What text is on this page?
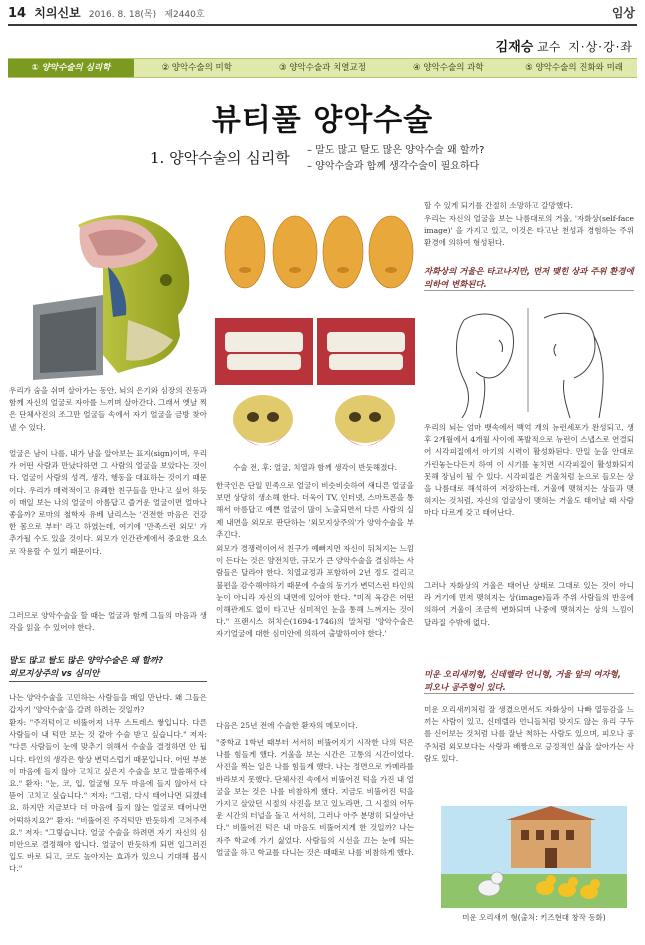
14 치의신보 2016. 8. 18(목) 제2440호	임상
김재승 교수 지·상·강·좌
① 양악수술의 심리학	② 양악수술의 미학	③ 양악수술과 치열교정	④ 양악수술의 과학	⑤ 양악수술의 진화와 미래
뷰티풀 양악수술
1. 양악수술의 심리학 – 말도 많고 탈도 많은 양악수술 왜 할까?
– 양악수술과 함께 생각수술이 필요하다
우리가 숨을 쉬며 살아가는 동안, 뇌의 은기와 심장의 진동과 함께 자신의 얼굴로 자아를 느끼며 살아간다. 그래서 옛날 찍은 단체사진의 조그만 얼굴들 속에서 자기 얼굴을 금방 찾아 낼 수 있다.
얼굴은 남이 나를, 내가 남을 알아보는 표지(sign)이며, 우리가 어떤 사람과 만났다하면 그 사람의 얼굴을 보았다는 것이다. 얼굴이 사람의 성격, 생각, 행동을 대표하는 것이기 때문이다. 우리가 매력적이고 유쾌한 친구들을 만나고 싶어 하듯이 매일 보는 나의 얼굴이 아름답고 즐거운 얼굴이면 얼마나 좋을까? 로마의 철학자 유베 날리스는 '건전한 마음은 건강한 몸으로 부터' 라고 하였는데, 여기에 '만족스런 외모' 가 추가될 수도 있을 것이다. 외모가 인간관계에서 중요한 요소로 작용할 수 있기 때문이다.
그러므로 양악수술을 할 때는 얼굴과 함께 그들의 마음과 생각을 읽을 수 있어야 한다.
말도 많고 탈도 많은 양악수술은 왜 할까?
외모지상주의 vs 심미안
나는 양악수술을 고민하는 사람들을 매일 만난다. 왜 그들은 갑자기 '양악수술'을 갈려 하려는 것일까?
환자: "주걱턱이고 비뚤어져 너무 스트레스 쌓입니다. 다른 사람들이 내 턱만 보는 것 같아 수술 받고 싶습니다." 저자: "다른 사람들이 눈에 맞추기 위해서 수술을 결정하면 안 됩니다. 타인의 생각은 항상 변덕스럽기 때문입니다. 어떤 부분이 마음에 들지 않아 고치고 싶은지 수술을 보고 말씀해주세요." 환자: "눈, 코, 입, 얼굴형 모두 마음에 들지 않아서 다 뜯어 고치고 싶습니다." 저자: "그럼, 다시 태어나면 되겠네요. 하지만 지금보다 더 마음에 들지 않는 얼굴로 태어나면 어떡하지요?" 환자: "비뚤어진 주걱턱만 반듯하게 고쳐주세요." 저자: "그렇습니다. 얼굴 수술을 하려면 자기 자신의 심미안으로 결정해야 합니다. 얼굴이 반듯하게 되면 일그러진 입도 바로 되고, 코도 높아지는 효과가 있으니 기대해 봅시다."
수술 전, 후: 얼굴, 치열과 함께 생각이 반듯해졌다.
한국인은 단일 민족으로 얼굴이 비슷비슷하여 섀디른 얼굴을 보면 상당히 생소해 한다. 더욱이 TV, 인터넷, 스마트폰을 통해서 아름답고 예쁜 얼굴이 많이 노출되면서 다른 사람의 실제 내면을 외모로 판단하는 '외모지상주의'가 양악수술을 부추긴다.
외모가 경쟁력이어서 친구가 예뻐지면 자신이 뒤처지는 느낌이 든다는 것은 얌전치만, 규모가 큰 양악수술을 결심하는 사람들은 달라야 한다. 치열교정과 포함하여 2년 정도 걸리고 불편을 감수해야하기 때문에 수술의 동기가 변덕스런 타인의 눈이 아니라 자신의 내면에 있어야 한다. "미적 육감은 어떤 이해관계도 없이 타고난 심미적인 눈을 통해 느껴지는 것이다." 프랜시스 허치슨(1694-1746)의 말처럼 '양악수술은 자기얼굴에 대한 심미안에 의하여 출발하여야 한다.'
다음은 25년 전에 수술한 환자의 메모이다.
"중학교 1학년 때부터 서서히 비뚤어지기 시작한 나의 턱은 나를 힘들게 했다. 거울을 보는 시간은 고통의 시간이었다. 사진을 찍는 일은 나를 힘들게 했다. 나는 정면으로 카메라를 바라보지 못했다. 단체사진 속에서 비뚤어진 턱을 가진 내 얼굴을 보는 것은 나를 비참하게 했다. 지금도 비뚤어진 턱을 가지고 살았던 시절의 사진을 보고 있노라면, 그 시절의 어두운 시간의 터널을 돌고 서서히, 그러나 아주 분명히 되살아난다." 비뚤어진 턱은 내 마음도 비뚤어지게 한 것일까? 나는 자주 학교에 가기 싫었다. 사람들의 시선을 끄는 눈에 띄는 얼굴을 하고 학교를 다니는 것은 때때로 나를 비참하게 했다.
할 수 있게 되기를 간절히 소망하고 갈망했다.
우리는 자신의 얼굴을 보는 나름대로의 거울, '자화상(self-face image)' 을 가지고 있고, 이것은 타고난 천성과 경험하는 주위 환경에 의하여 형성된다.
자화상의 거울은 타고나지만, 먼저 맺힌 상과 주위 환경에 의하여 변화된다.
우리의 뇌는 엄마 뱃속에서 백억 개의 뉴런세포가 완성되고, 생후 2개월에서 4개월 사이에 폭발적으로 뉴런이 스냅스로 연결되어 시각피질에서 아기의 시력이 활성화된다. 만일 눈을 안대로 가린놓는다든지 하여 이 시기를 놓치면 시각피질이 활성화되지 못해 장님이 될 수 있다. 시각피질은 거울처럼 눈으로 들오는 상을 나름대로 해석하여 저장하는데, 거울에 맺혀지는 상들과 맺혀지는 것처럼, 자신의 얼굴상이 맺혀는 거울도 태어날 때 사람마다 다르게 갖고 태어난다.
그러나 자화상의 거울은 태어난 상태로 그대로 있는 것이 아니라 거기에 먼저 맺혀지는 상(image)들과 주위 사람들의 반응에 의하여 거울이 조금씩 변화되며 나중에 맺혀지는 상의 느낌이 달라질 수밖에 없다.
미운 오리새끼형, 신데렐라 언니형, 거울 앞의 여자형,
피오나 공주형이 있다.
미운 오리새끼처럼 잘 생겼으면서도 자화상이 나빠 열등감을 느끼는 사람이 있고, 신데렐라 언니들처럼 맞지도 않는 유리 구두를 신어보는 것처럼 나를 잘난 척하는 사람도 있으며, 피오나 공주처럼 외모보다는 사랑과 배짱으로 긍정적인 삶을 살아가는 사람도 있다.
미운 오리새끼 형(출처: 키즈현대 창작 동화)
